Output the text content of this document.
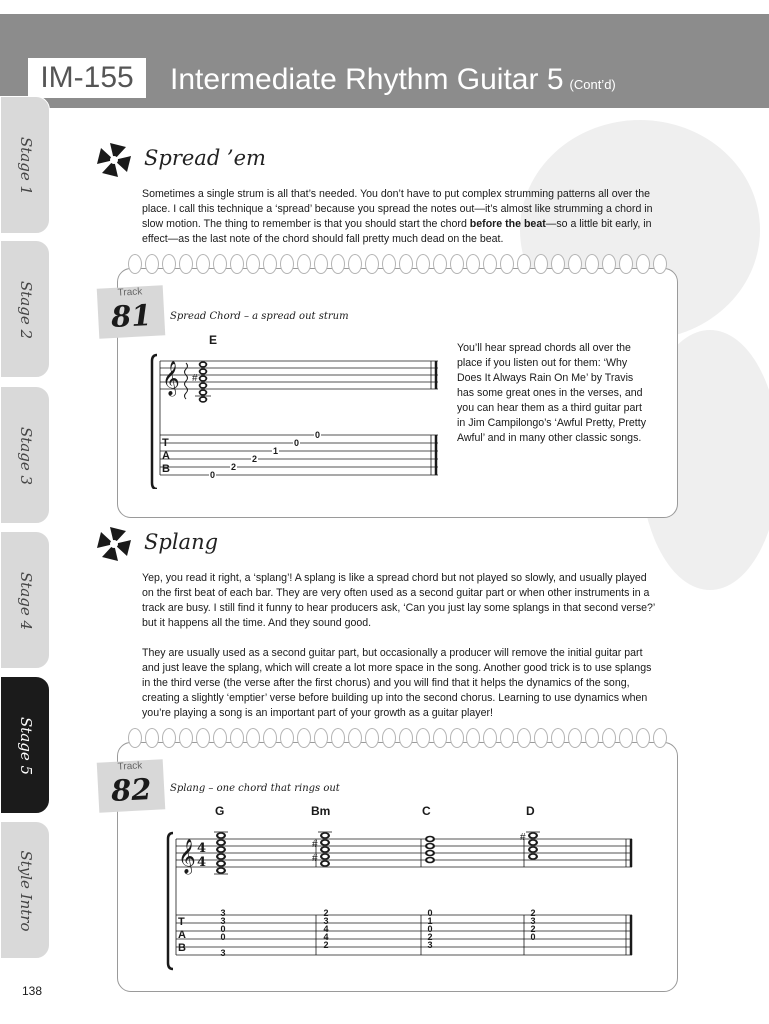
IM-155	Intermediate Rhythm Guitar 5 (Cont’d)
Stage 1
Stage 2
Stage 3
Stage 4
Stage 5
Style Intro
Spread ’em

Sometimes a single strum is all that’s needed. You don’t have to put complex strumming patterns all over the place. I call this technique a ‘spread’ because you spread the notes out—it’s almost like strumming a chord in slow motion. The thing to remember is that you should start the chord before the beat—so a little bit early, in effect—as the last note of the chord should fall pretty much dead on the beat.

Track
81	Spread Chord – a spread out strum
E
𝄞 #
T
A
B
0
0
1
2
2
0

You’ll hear spread chords all over the place if you listen out for them: ‘Why Does It Always Rain On Me’ by Travis has some great ones in the verses, and you can hear them as a third guitar part in Jim Campilongo’s ‘Awful Pretty, Pretty Awful’ and in many other classic songs.

Splang

Yep, you read it right, a ‘splang’! A splang is like a spread chord but not played so slowly, and usually played on the first beat of each bar. They are very often used as a second guitar part or when other instruments in a track are busy. I still find it funny to hear producers ask, ‘Can you just lay some splangs in that second verse?’ but it happens all the time. And they sound good.

They are usually used as a second guitar part, but occasionally a producer will remove the initial guitar part and just leave the splang, which will create a lot more space in the song. Another good trick is to use splangs in the third verse (the verse after the first chorus) and you will find that it helps the dynamics of the song, creating a slightly ‘emptier’ verse before building up into the second chorus. Learning to use dynamics when you’re playing a song is an important part of your growth as a guitar player!

Track
82	Splang – one chord that rings out
G	Bm	C	D
𝄞 4
4
#
#
#
T
A
B
3
3
0
0
3
2
3
4
4
2
0
1
0
2
3
2
3
2
0
138
